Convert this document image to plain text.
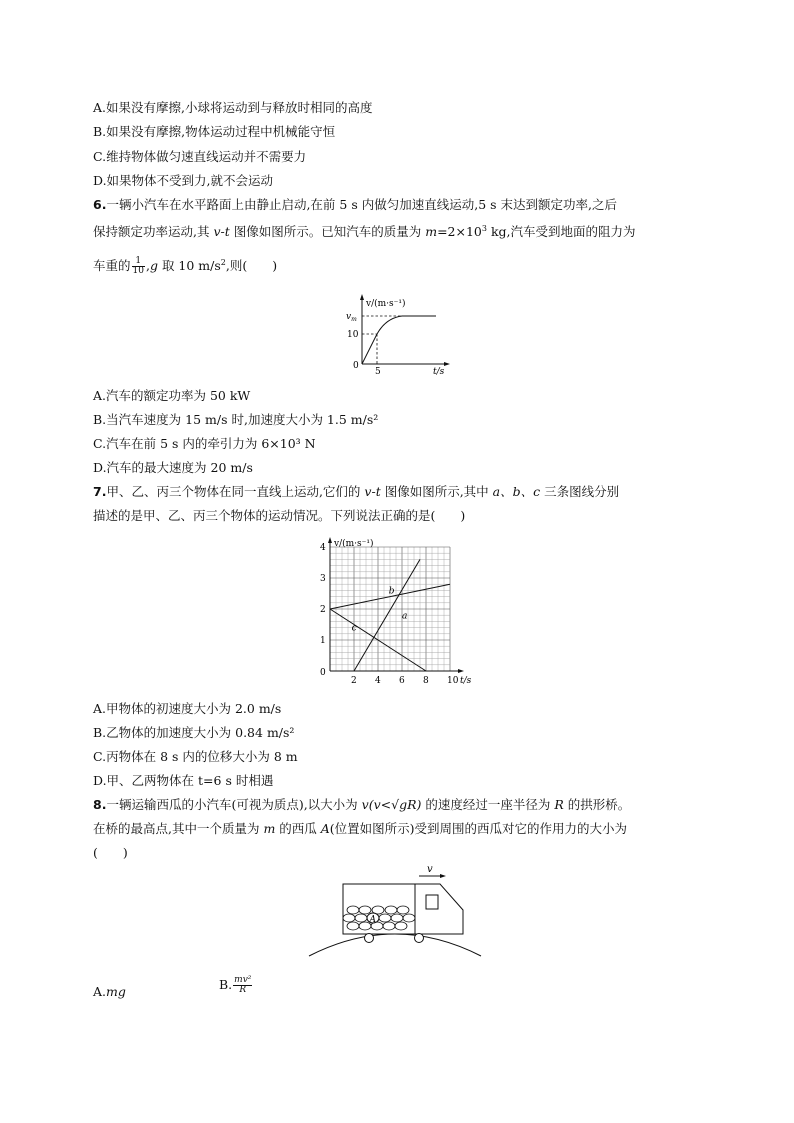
A.如果没有摩擦,小球将运动到与释放时相同的高度
B.如果没有摩擦,物体运动过程中机械能守恒
C.维持物体做匀速直线运动并不需要力
D.如果物体不受到力,就不会运动
6.一辆小汽车在水平路面上由静止启动,在前 5 s 内做匀加速直线运动,5 s 末达到额定功率,之后
保持额定功率运动,其 v-t 图像如图所示。已知汽车的质量为 $m=2\times 10^3$ kg,汽车受到地面的阻力为
车重的 $\frac{1}{10} ,g$ 取 10 $m/s^2$,则(　　)
v/(m·s⁻¹)
$v_m$
10
0
5	t/s
A.汽车的额定功率为 50 kW
B.当汽车速度为 15 m/s 时,加速度大小为 1.5 m/s²
C.汽车在前 5 s 内的牵引力为 6×10³ N
D.汽车的最大速度为 20 m/s
7.甲、乙、丙三个物体在同一直线上运动,它们的 v-t 图像如图所示,其中 a、b、c 三条图线分别
描述的是甲、乙、丙三个物体的运动情况。下列说法正确的是(　　)
1
2
3
4
0
2 4 6 8 10
v/(m·s⁻¹)
t/s
b
a
c
A.甲物体的初速度大小为 2.0 m/s
B.乙物体的加速度大小为 0.84 m/s²
C.丙物体在 8 s 内的位移大小为 8 m
D.甲、乙两物体在 t=6 s 时相遇
8.一辆运输西瓜的小汽车(可视为质点),以大小为 v(v<√gR) 的速度经过一座半径为 R 的拱形桥。
在桥的最高点,其中一个质量为 m 的西瓜 A(位置如图所示)受到周围的西瓜对它的作用力的大小为
(　　)
A
v
A.mg	B. $\frac{\text{mv²}}{R}$
